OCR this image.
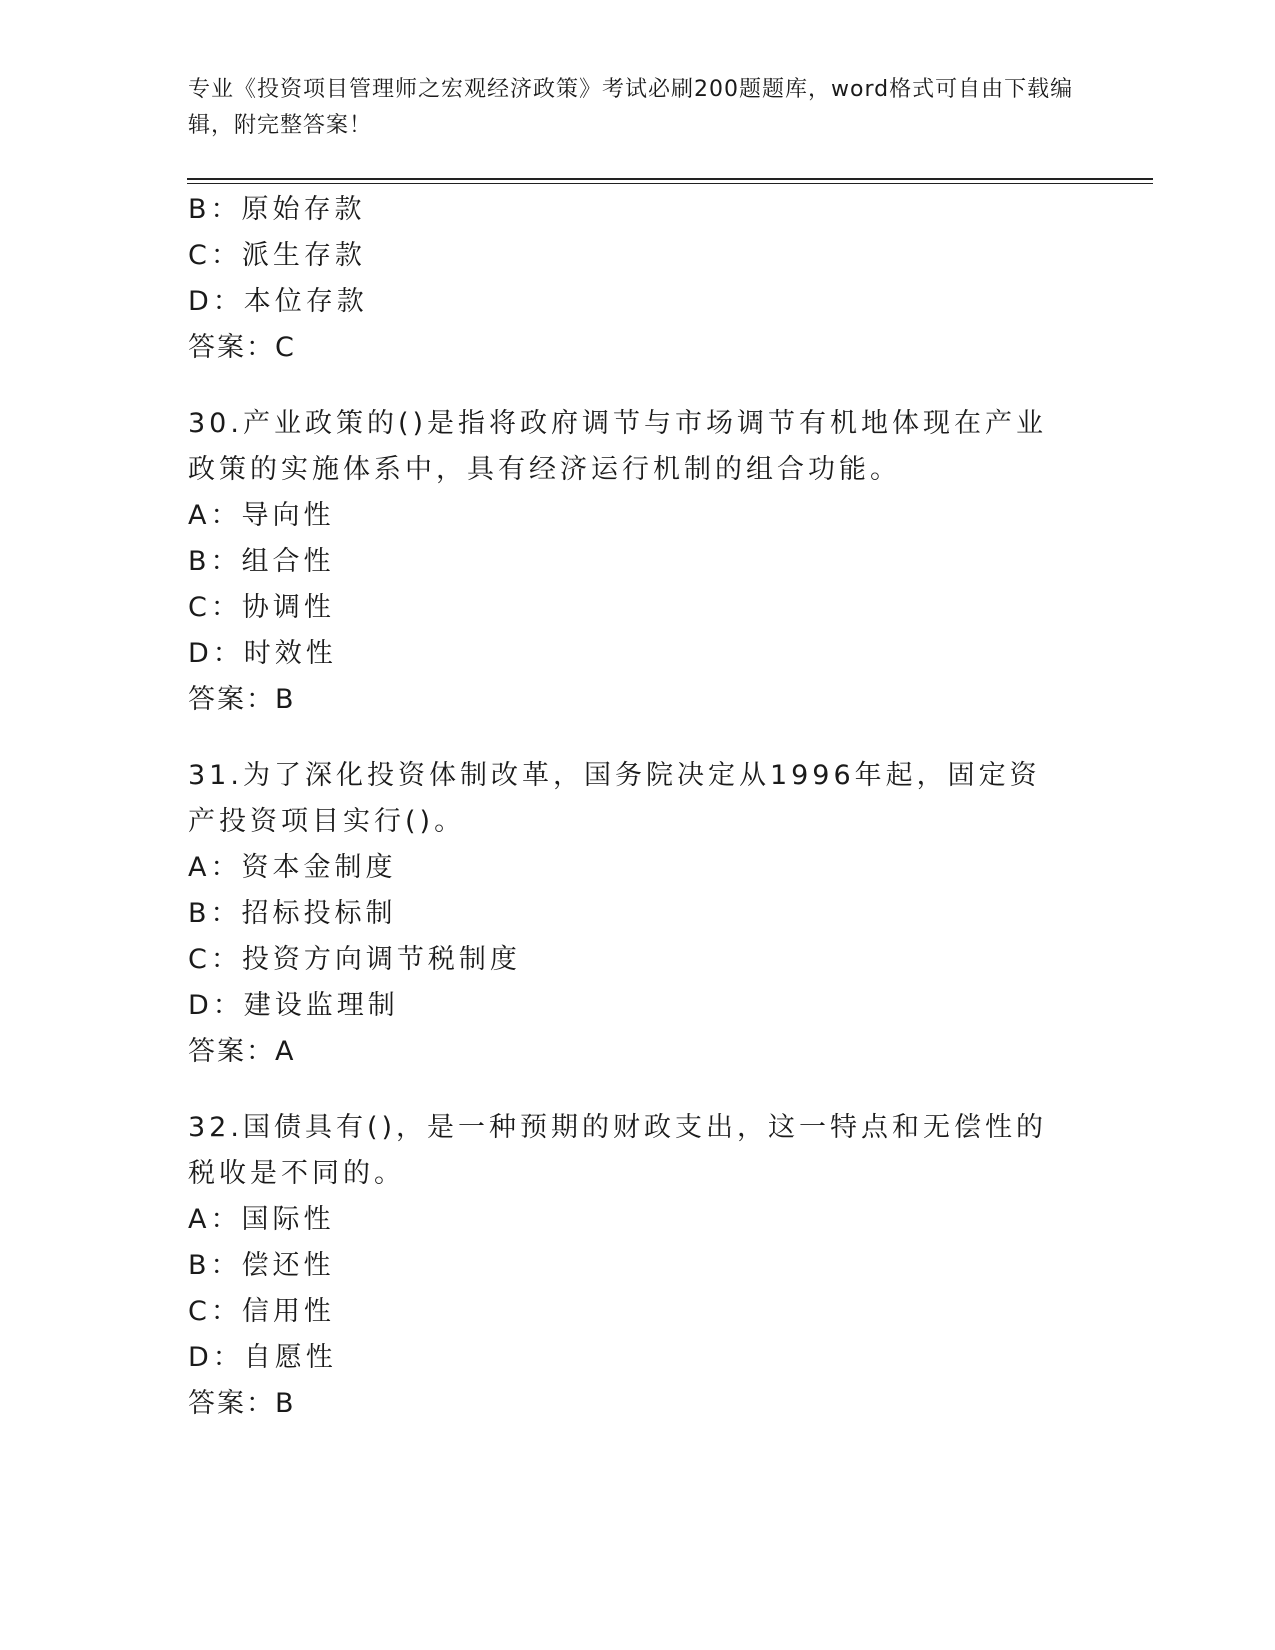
专业《投资项目管理师之宏观经济政策》考试必刷200题题库，word格式可自由下载编辑，附完整答案！

B：原始存款
C：派生存款
D：本位存款
答案：C
30.产业政策的()是指将政府调节与市场调节有机地体现在产业政策的实施体系中，具有经济运行机制的组合功能。
A：导向性
B：组合性
C：协调性
D：时效性
答案：B
31.为了深化投资体制改革，国务院决定从1996年起，固定资产投资项目实行()。
A：资本金制度
B：招标投标制
C：投资方向调节税制度
D：建设监理制
答案：A
32.国债具有()，是一种预期的财政支出，这一特点和无偿性的税收是不同的。
A：国际性
B：偿还性
C：信用性
D：自愿性
答案：B
